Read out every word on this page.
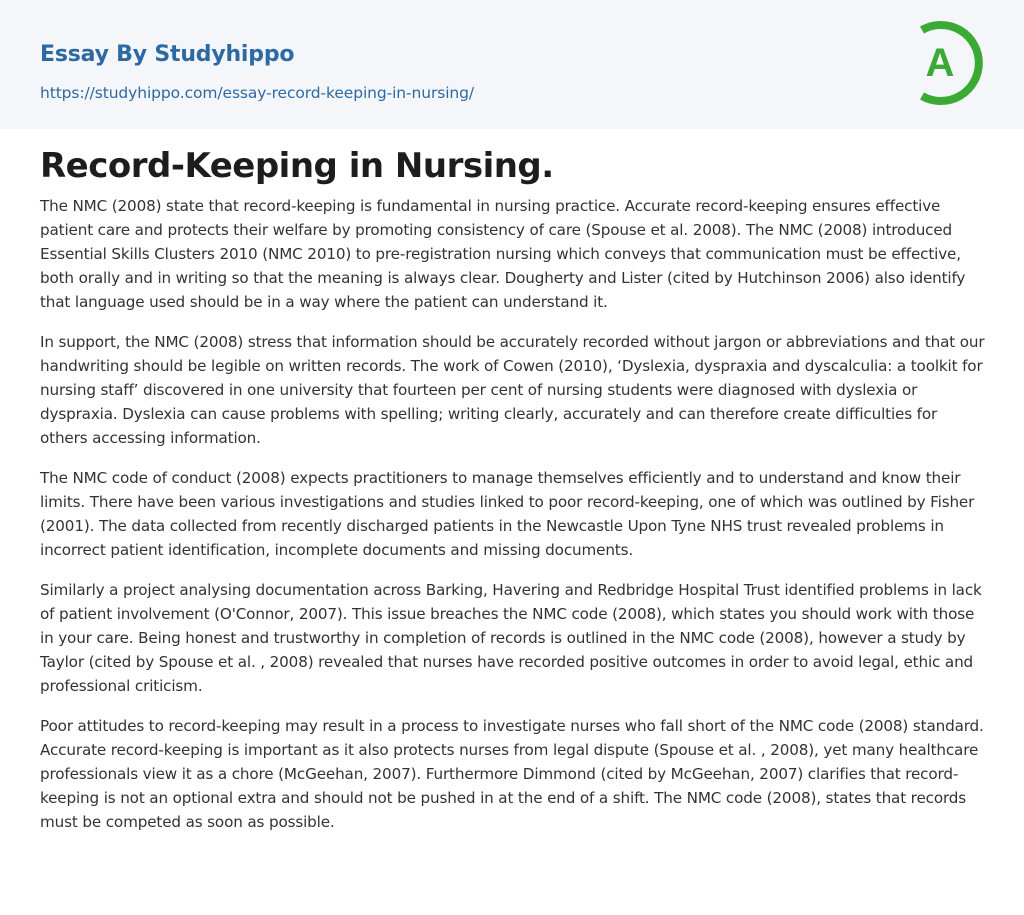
Essay By Studyhippo
https://studyhippo.com/essay-record-keeping-in-nursing/
A
Record-Keeping in Nursing.

The NMC (2008) state that record-keeping is fundamental in nursing practice. Accurate record-keeping ensures effective patient care and protects their welfare by promoting consistency of care (Spouse et al. 2008). The NMC (2008) introduced Essential Skills Clusters 2010 (NMC 2010) to pre-registration nursing which conveys that communication must be effective, both orally and in writing so that the meaning is always clear. Dougherty and Lister (cited by Hutchinson 2006) also identify that language used should be in a way where the patient can understand it.

In support, the NMC (2008) stress that information should be accurately recorded without jargon or abbreviations and that our handwriting should be legible on written records. The work of Cowen (2010), ‘Dyslexia, dyspraxia and dyscalculia: a toolkit for nursing staff’ discovered in one university that fourteen per cent of nursing students were diagnosed with dyslexia or dyspraxia. Dyslexia can cause problems with spelling; writing clearly, accurately and can therefore create difficulties for others accessing information.

The NMC code of conduct (2008) expects practitioners to manage themselves efficiently and to understand and know their limits. There have been various investigations and studies linked to poor record-keeping, one of which was outlined by Fisher (2001). The data collected from recently discharged patients in the Newcastle Upon Tyne NHS trust revealed problems in incorrect patient identification, incomplete documents and missing documents.

Similarly a project analysing documentation across Barking, Havering and Redbridge Hospital Trust identified problems in lack of patient involvement (O'Connor, 2007). This issue breaches the NMC code (2008), which states you should work with those in your care. Being honest and trustworthy in completion of records is outlined in the NMC code (2008), however a study by Taylor (cited by Spouse et al. , 2008) revealed that nurses have recorded positive outcomes in order to avoid legal, ethic and professional criticism.

Poor attitudes to record-keeping may result in a process to investigate nurses who fall short of the NMC code (2008) standard. Accurate record-keeping is important as it also protects nurses from legal dispute (Spouse et al. , 2008), yet many healthcare professionals view it as a chore (McGeehan, 2007). Furthermore Dimmond (cited by McGeehan, 2007) clarifies that record-keeping is not an optional extra and should not be pushed in at the end of a shift. The NMC code (2008), states that records must be competed as soon as possible.
